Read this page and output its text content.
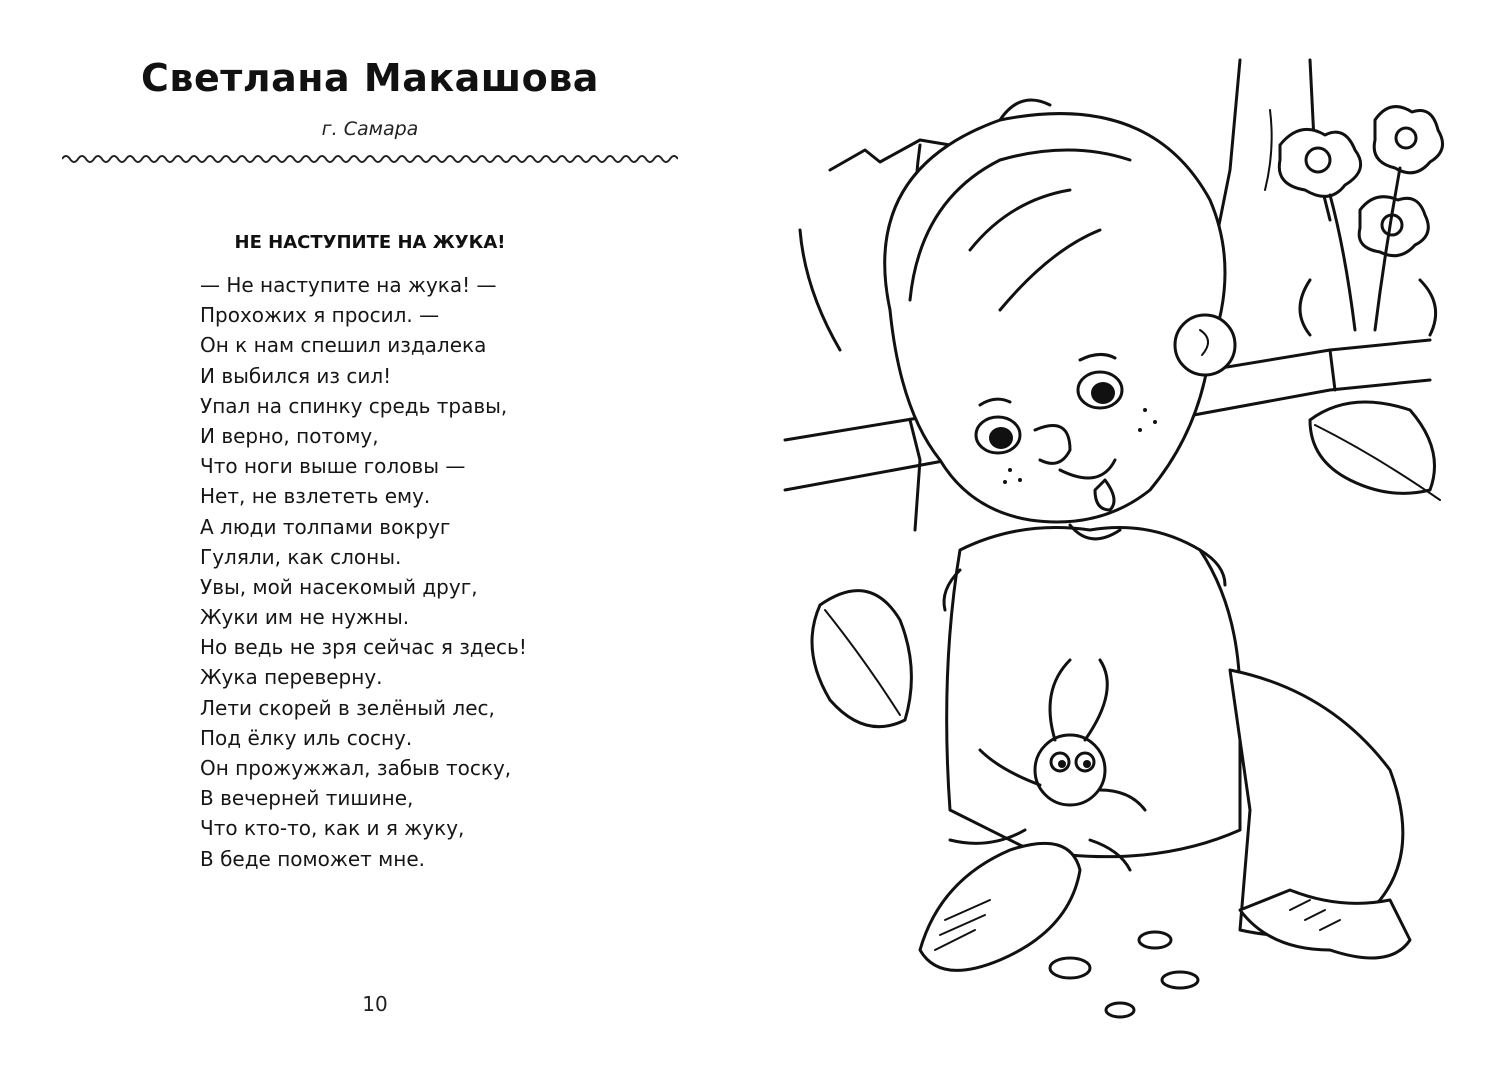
Светлана Макашова
г. Самара
НЕ НАСТУПИТЕ НА ЖУКА!
— Не наступите на жука! —
Прохожих я просил. —
Он к нам спешил издалека
И выбился из сил!
Упал на спинку средь травы,
И верно, потому,
Что ноги выше головы —
Нет, не взлететь ему.
А люди толпами вокруг
Гуляли, как слоны.
Увы, мой насекомый друг,
Жуки им не нужны.
Но ведь не зря сейчас я здесь!
Жука переверну.
Лети скорей в зелёный лес,
Под ёлку иль сосну.
Он прожужжал, забыв тоску,
В вечерней тишине,
Что кто-то, как и я жуку,
В беде поможет мне.
10
